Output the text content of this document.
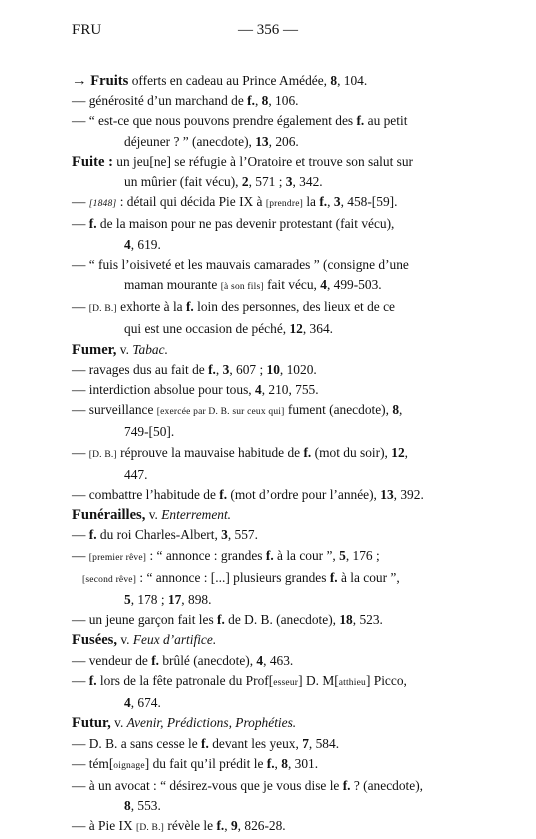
FRU	— 356 —
→ Fruits offerts en cadeau au Prince Amédée, 8, 104.
— générosité d’un marchand de f., 8, 106.
— “ est-ce que nous pouvons prendre également des f. au petit
déjeuner ? ” (anecdote), 13, 206.
Fuite : un jeu[ne] se réfugie à l’Oratoire et trouve son salut sur
un mûrier (fait vécu), 2, 571 ; 3, 342.
— [1848] : détail qui décida Pie IX à [prendre] la f., 3, 458-[59].
— f. de la maison pour ne pas devenir protestant (fait vécu),
4, 619.
— “ fuis l’oisiveté et les mauvais camarades ” (consigne d’une
maman mourante [à son fils] fait vécu, 4, 499-503.
— [D. B.] exhorte à la f. loin des personnes, des lieux et de ce
qui est une occasion de péché, 12, 364.
Fumer, v. Tabac.
— ravages dus au fait de f., 3, 607 ; 10, 1020.
— interdiction absolue pour tous, 4, 210, 755.
— surveillance [exercée par D. B. sur ceux qui] fument (anecdote), 8,
749-[50].
— [D. B.] réprouve la mauvaise habitude de f. (mot du soir), 12,
447.
— combattre l’habitude de f. (mot d’ordre pour l’année), 13, 392.
Funérailles, v. Enterrement.
— f. du roi Charles-Albert, 3, 557.
— [premier rêve] : “ annonce : grandes f. à la cour ”, 5, 176 ;
[second rêve] : “ annonce : [...] plusieurs grandes f. à la cour ”,
5, 178 ; 17, 898.
— un jeune garçon fait les f. de D. B. (anecdote), 18, 523.
Fusées, v. Feux d’artifice.
— vendeur de f. brûlé (anecdote), 4, 463.
— f. lors de la fête patronale du Prof[esseur] D. M[atthieu] Picco,
4, 674.
Futur, v. Avenir, Prédictions, Prophéties.
— D. B. a sans cesse le f. devant les yeux, 7, 584.
— tém[oignage] du fait qu’il prédit le f., 8, 301.
— à un avocat : “ désirez-vous que je vous dise le f. ? (anecdote),
8, 553.
— à Pie IX [D. B.] révèle le f., 9, 826-28.
